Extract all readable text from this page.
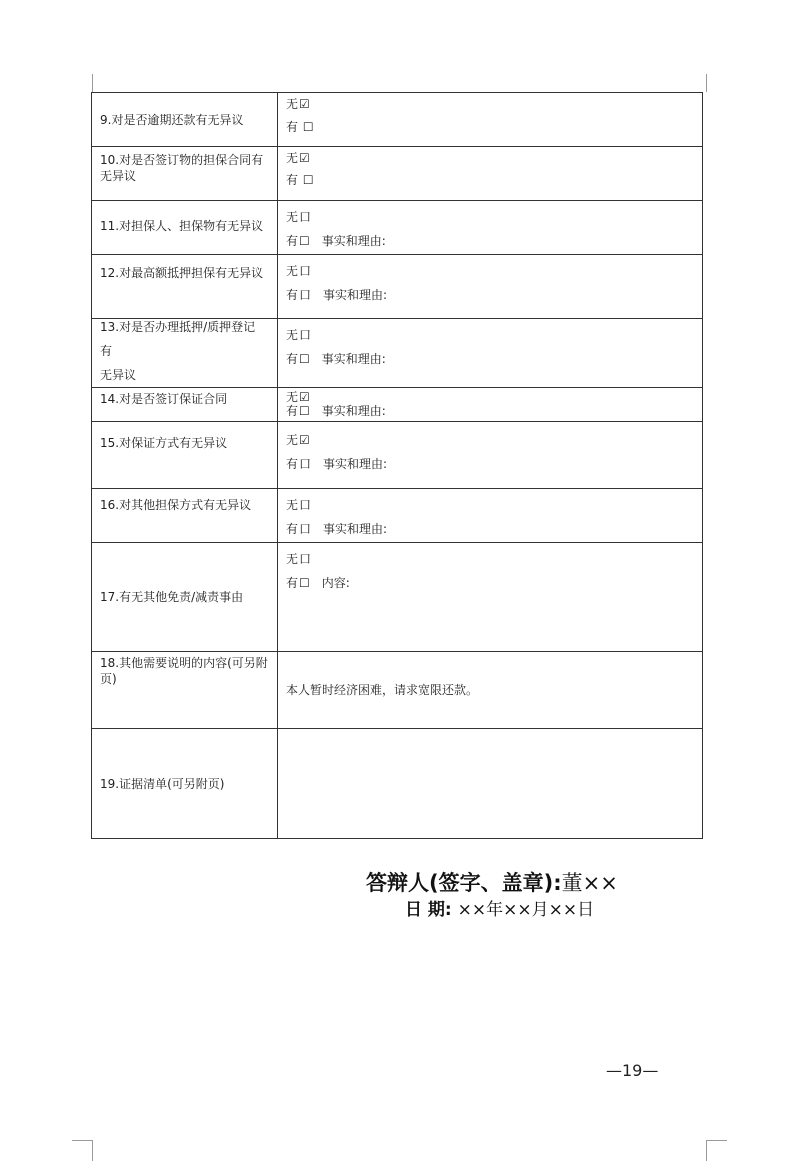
9.对是否逾期还款有无异议	无☑
有 ☐

10.对是否签订物的担保合同有 无异议	无☑
有 ☐

11.对担保人、担保物有无异议	无口
有☐ 事实和理由:

12.对最高额抵押担保有无异议	无口
有口 事实和理由:

13.对是否办理抵押/质押登记
有
无异议	无口
有☐ 事实和理由:

14.对是否签订保证合同	无☑
有☐ 事实和理由:

15.对保证方式有无异议	无☑
有口 事实和理由:

16.对其他担保方式有无异议	无口
有口 事实和理由:

17.有无其他免责/减责事由	无口
有☐ 内容:

18.其他需要说明的内容(可另附 页)	本人暂时经济困难，请求宽限还款。

19.证据清单(可另附页)	

答辩人(签字、盖章):董××
日 期: ××年××月××日
—19—
